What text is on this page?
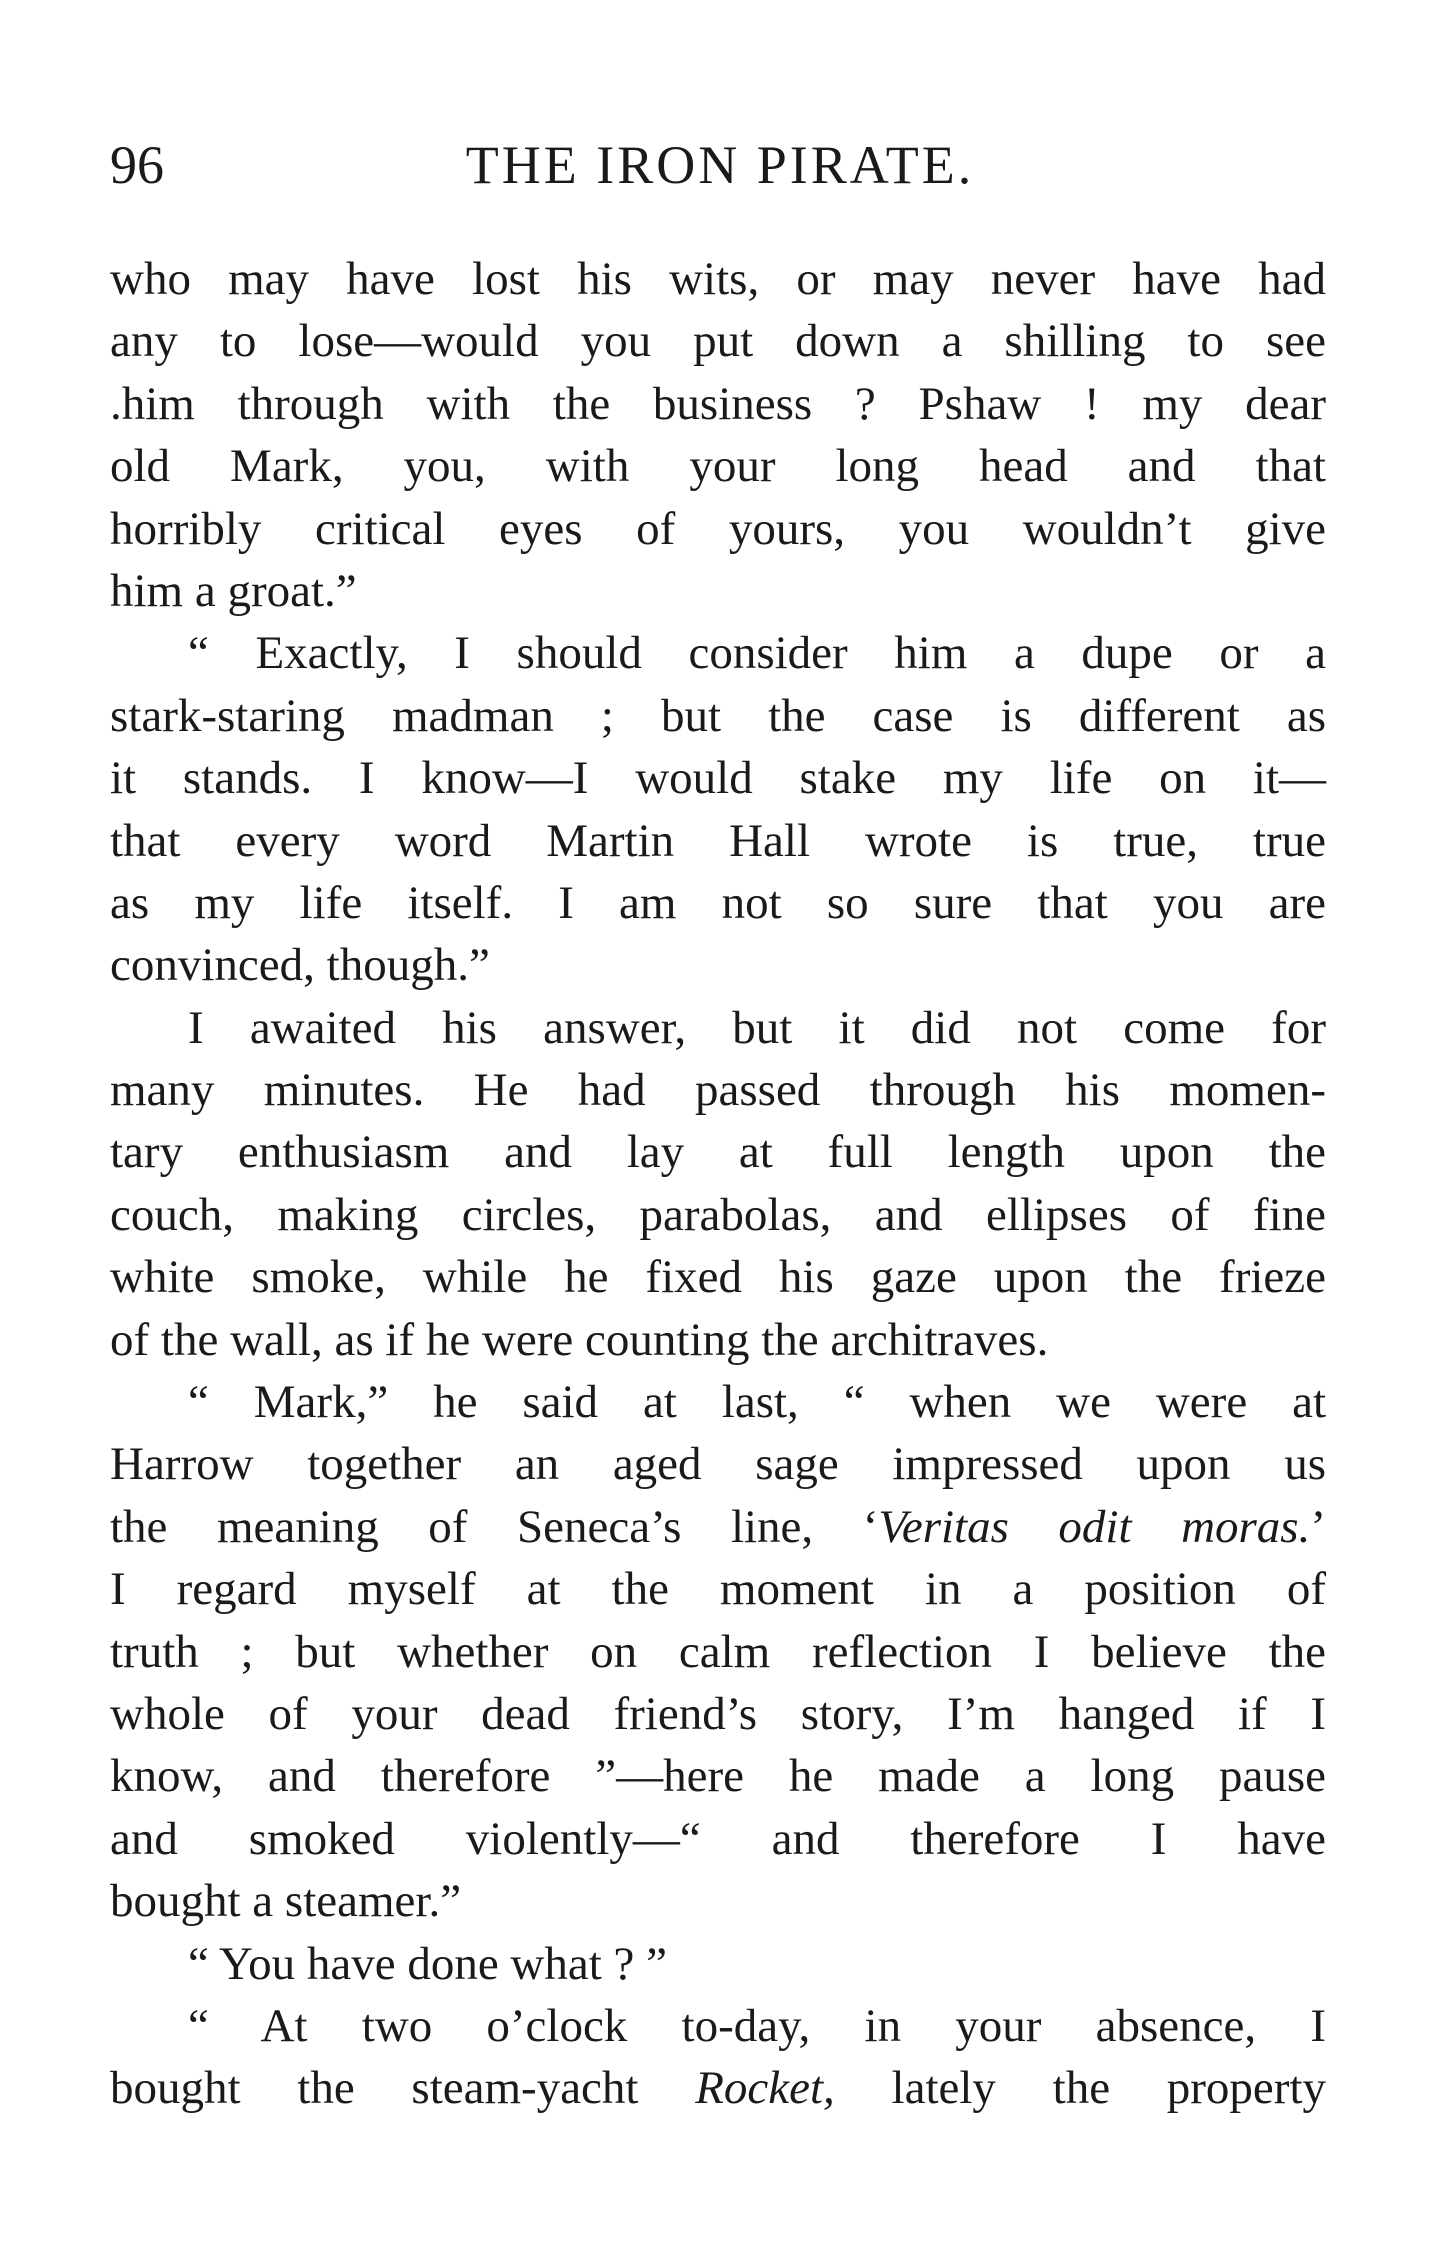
96	THE IRON PIRATE.
who may have lost his wits, or may never have had
any to lose—would you put down a shilling to see
.him through with the business ? Pshaw ! my dear
old Mark, you, with your long head and that
horribly critical eyes of yours, you wouldn’t give
him a groat.”
“ Exactly, I should consider him a dupe or a
stark-staring madman ; but the case is different as
it stands. I know—I would stake my life on it—
that every word Martin Hall wrote is true, true
as my life itself. I am not so sure that you are
convinced, though.”
I awaited his answer, but it did not come for
many minutes. He had passed through his momen-
tary enthusiasm and lay at full length upon the
couch, making circles, parabolas, and ellipses of fine
white smoke, while he fixed his gaze upon the frieze
of the wall, as if he were counting the architraves.
“ Mark,” he said at last, “ when we were at
Harrow together an aged sage impressed upon us
the meaning of Seneca’s line, ‘Veritas odit moras.’
I regard myself at the moment in a position of
truth ; but whether on calm reflection I believe the
whole of your dead friend’s story, I’m hanged if I
know, and therefore ”—here he made a long pause
and smoked violently—“ and therefore I have
bought a steamer.”
“ You have done what ? ”
“ At two o’clock to-day, in your absence, I
bought the steam-yacht Rocket, lately the property
